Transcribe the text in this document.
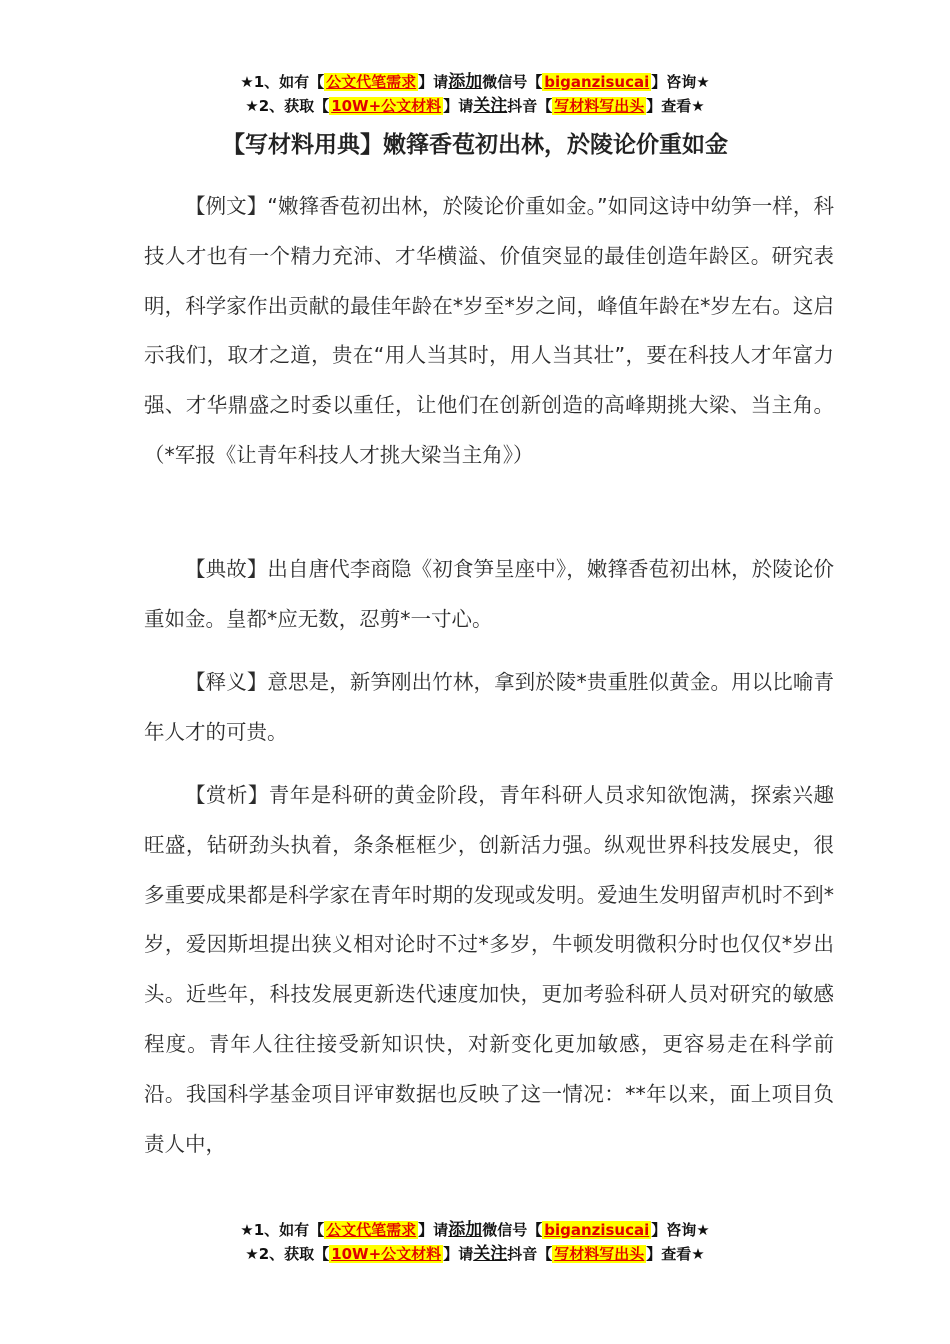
★1、如有【 公文代笔需求 】请添加微信号【 biganzisucai 】咨询★
★2、获取【 10W+公文材料 】请关注抖音【 写材料写出头 】查看★
【写材料用典】嫩箨香苞初出林，於陵论价重如金
【例文】“嫩箨香苞初出林，於陵论价重如金。”如同这诗中幼笋一样，科技人才也有一个精力充沛、才华横溢、价值突显的最佳创造年龄区。研究表明，科学家作出贡献的最佳年龄在*岁至*岁之间，峰值年龄在*岁左右。这启示我们，取才之道，贵在“用人当其时，用人当其壮”，要在科技人才年富力强、才华鼎盛之时委以重任，让他们在创新创造的高峰期挑大梁、当主角。（*军报《让青年科技人才挑大梁当主角》）
【典故】出自唐代李商隐《初食笋呈座中》，嫩箨香苞初出林，於陵论价重如金。皇都*应无数，忍剪*一寸心。
【释义】意思是，新笋刚出竹林，拿到於陵*贵重胜似黄金。用以比喻青年人才的可贵。
【赏析】青年是科研的黄金阶段，青年科研人员求知欲饱满，探索兴趣旺盛，钻研劲头执着，条条框框少，创新活力强。纵观世界科技发展史，很多重要成果都是科学家在青年时期的发现或发明。爱迪生发明留声机时不到*岁，爱因斯坦提出狭义相对论时不过*多岁，牛顿发明微积分时也仅仅*岁出头。近些年，科技发展更新迭代速度加快，更加考验科研人员对研究的敏感程度。青年人往往接受新知识快，对新变化更加敏感，更容易走在科学前沿。我国科学基金项目评审数据也反映了这一情况：**年以来，面上项目负责人中，
★1、如有【 公文代笔需求 】请添加微信号【 biganzisucai 】咨询★
★2、获取【 10W+公文材料 】请关注抖音【 写材料写出头 】查看★
